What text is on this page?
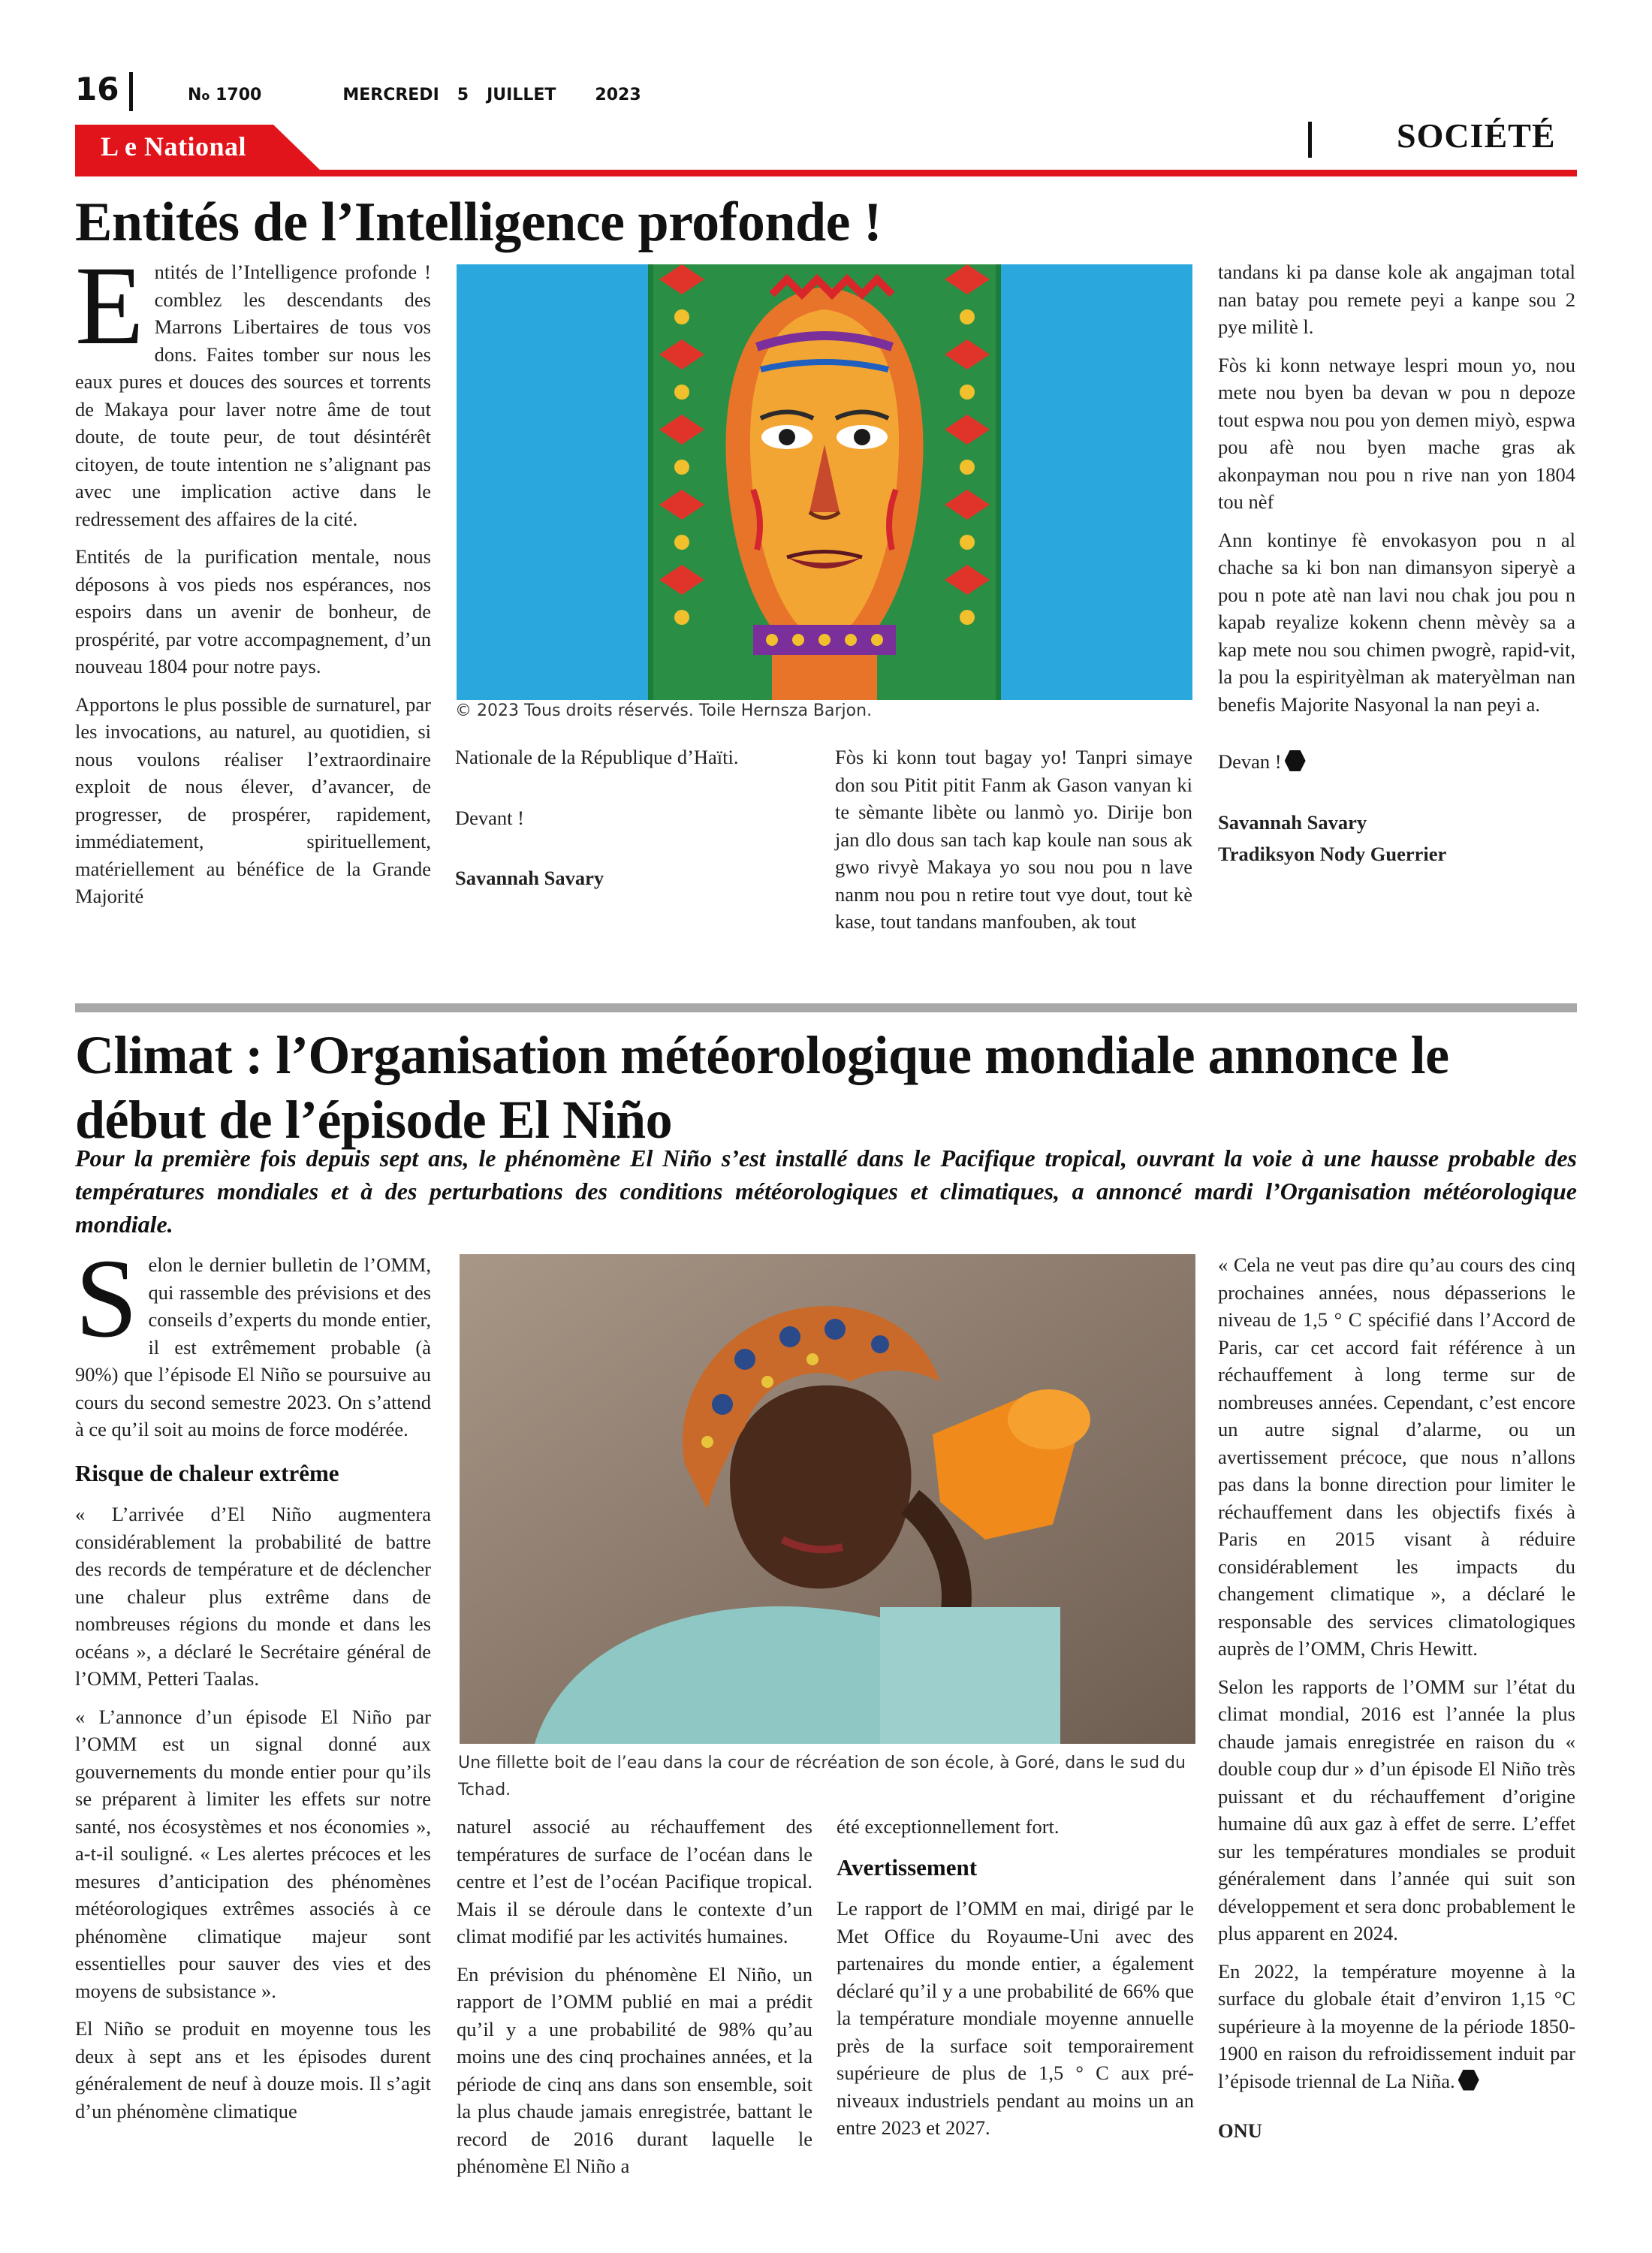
16	No 1700	MERCREDI 5 JUILLET 2023
L e National	SOCIÉTÉ
Entités de l’Intelligence profonde !

Entités de l’Intelligence profonde ! comblez les descendants des Marrons Libertaires de tous vos dons. Faites tomber sur nous les eaux pures et douces des sources et torrents de Makaya pour laver notre âme de tout doute, de toute peur, de tout désintérêt citoyen, de toute intention ne s’alignant pas avec une implication active dans le redressement des affaires de la cité.

Entités de la purification mentale, nous déposons à vos pieds nos espérances, nos espoirs dans un avenir de bonheur, de prospérité, par votre accompagnement, d’un nouveau 1804 pour notre pays.

Apportons le plus possible de surnaturel, par les invocations, au naturel, au quotidien, si nous voulons réaliser l’extraordinaire exploit de nous élever, d’avancer, de progresser, de prospérer, rapidement, immédiatement, spirituellement, matériellement au bénéfice de la Grande Majorité

© 2023 Tous droits réservés. Toile Hernsza Barjon.

Nationale de la République d’Haïti.

Devant !

Savannah Savary

Fòs ki konn tout bagay yo! Tanpri simaye don sou Pitit pitit Fanm ak Gason vanyan ki te sèmante libète ou lanmò yo. Dirije bon jan dlo dous san tach kap koule nan sous ak gwo rivyè Makaya yo sou nou pou n lave nanm nou pou n retire tout vye dout, tout kè kase, tout tandans manfouben, ak tout

tandans ki pa danse kole ak angajman total nan batay pou remete peyi a kanpe sou 2 pye militè l.

Fòs ki konn netwaye lespri moun yo, nou mete nou byen ba devan w pou n depoze tout espwa nou pou yon demen miyò, espwa pou afè nou byen mache gras ak akonpayman nou pou n rive nan yon 1804 tou nèf

Ann kontinye fè envokasyon pou n al chache sa ki bon nan dimansyon siperyè a pou n pote atè nan lavi nou chak jou pou n kapab reyalize kokenn chenn mèvèy sa a kap mete nou sou chimen pwogrè, rapid-vit, la pou la espirityèlman ak materyèlman nan benefis Majorite Nasyonal la nan peyi a.

Devan !

Savannah Savary

Tradiksyon Nody Guerrier

Climat : l’Organisation météorologique mondiale annonce le début de l’épisode El Niño
Pour la première fois depuis sept ans, le phénomène El Niño s’est installé dans le Pacifique tropical, ouvrant la voie à une hausse probable des températures mondiales et à des perturbations des conditions météorologiques et climatiques, a annoncé mardi l’Organisation météorologique mondiale.

Selon le dernier bulletin de l’OMM, qui rassemble des prévisions et des conseils d’experts du monde entier, il est extrêmement probable (à 90%) que l’épisode El Niño se poursuive au cours du second semestre 2023. On s’attend à ce qu’il soit au moins de force modérée.

Risque de chaleur extrême

« L’arrivée d’El Niño augmentera considérablement la probabilité de battre des records de température et de déclencher une chaleur plus extrême dans de nombreuses régions du monde et dans les océans », a déclaré le Secrétaire général de l’OMM, Petteri Taalas.

« L’annonce d’un épisode El Niño par l’OMM est un signal donné aux gouvernements du monde entier pour qu’ils se préparent à limiter les effets sur notre santé, nos écosystèmes et nos économies », a-t-il souligné. « Les alertes précoces et les mesures d’anticipation des phénomènes météorologiques extrêmes associés à ce phénomène climatique majeur sont essentielles pour sauver des vies et des moyens de subsistance ».

El Niño se produit en moyenne tous les deux à sept ans et les épisodes durent généralement de neuf à douze mois. Il s’agit d’un phénomène climatique

Une fillette boit de l’eau dans la cour de récréation de son école, à Goré, dans le sud du Tchad.

naturel associé au réchauffement des températures de surface de l’océan dans le centre et l’est de l’océan Pacifique tropical. Mais il se déroule dans le contexte d’un climat modifié par les activités humaines.

En prévision du phénomène El Niño, un rapport de l’OMM publié en mai a prédit qu’il y a une probabilité de 98% qu’au moins une des cinq prochaines années, et la période de cinq ans dans son ensemble, soit la plus chaude jamais enregistrée, battant le record de 2016 durant laquelle le phénomène El Niño a

été exceptionnellement fort.

Avertissement

Le rapport de l’OMM en mai, dirigé par le Met Office du Royaume-Uni avec des partenaires du monde entier, a également déclaré qu’il y a une probabilité de 66% que la température mondiale moyenne annuelle près de la surface soit temporairement supérieure de plus de 1,5 ° C aux pré-niveaux industriels pendant au moins un an entre 2023 et 2027.

« Cela ne veut pas dire qu’au cours des cinq prochaines années, nous dépasserions le niveau de 1,5 ° C spécifié dans l’Accord de Paris, car cet accord fait référence à un réchauffement à long terme sur de nombreuses années. Cependant, c’est encore un autre signal d’alarme, ou un avertissement précoce, que nous n’allons pas dans la bonne direction pour limiter le réchauffement dans les objectifs fixés à Paris en 2015 visant à réduire considérablement les impacts du changement climatique », a déclaré le responsable des services climatologiques auprès de l’OMM, Chris Hewitt.

Selon les rapports de l’OMM sur l’état du climat mondial, 2016 est l’année la plus chaude jamais enregistrée en raison du « double coup dur » d’un épisode El Niño très puissant et du réchauffement d’origine humaine dû aux gaz à effet de serre. L’effet sur les températures mondiales se produit généralement dans l’année qui suit son développement et sera donc probablement le plus apparent en 2024.

En 2022, la température moyenne à la surface du globale était d’environ 1,15 °C supérieure à la moyenne de la période 1850-1900 en raison du refroidissement induit par l’épisode triennal de La Niña.

ONU
